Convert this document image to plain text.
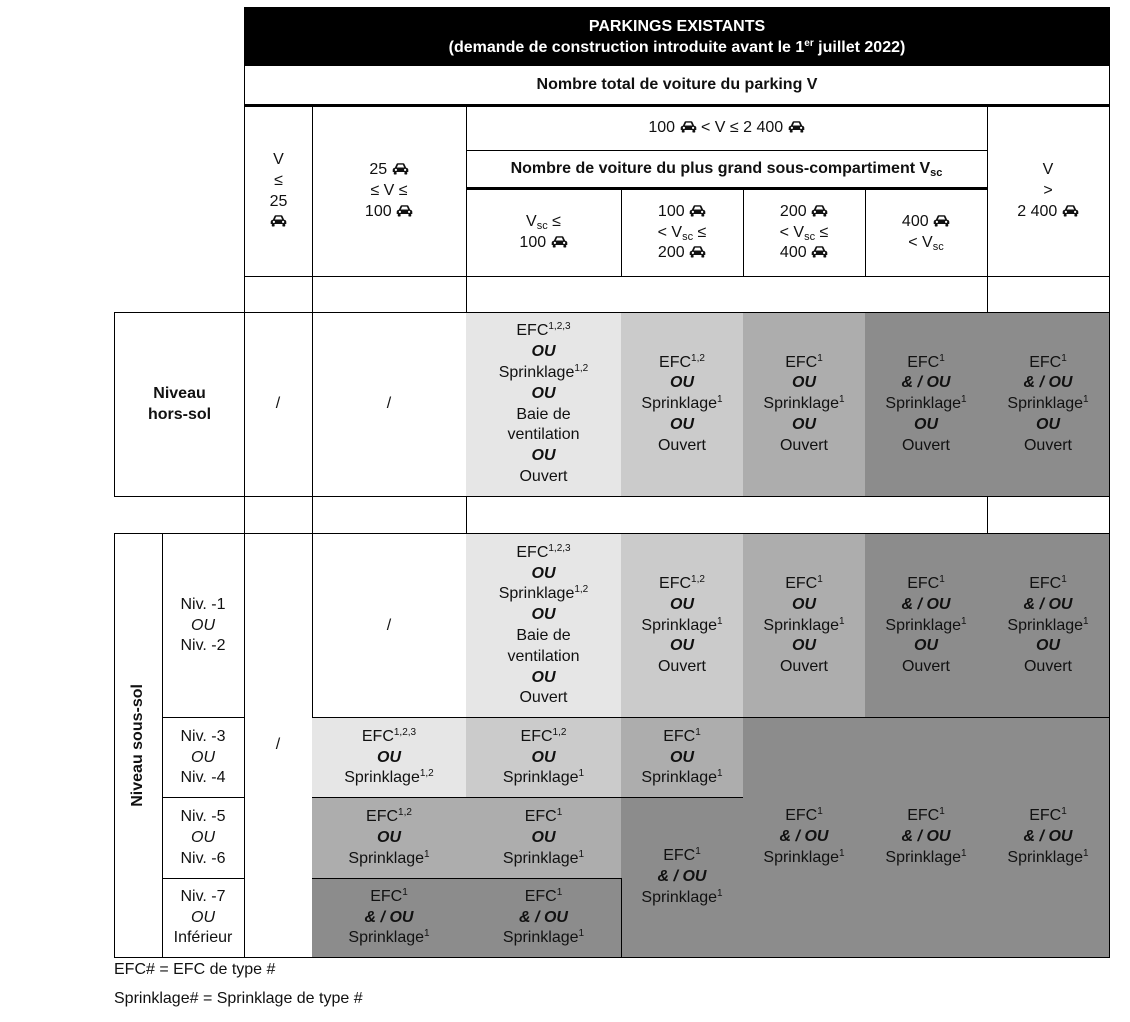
PARKINGS EXISTANTS
(demande de construction introduite avant le 1er juillet 2022)
Nombre total de voiture du parking V
V
≤
25
25
≤ V ≤
100
100 < V ≤ 2 400
Nombre de voiture du plus grand sous-compartiment $V_{sc}$
$V_{sc}$ ≤
100
100
< $V_{sc}$ ≤
200
200
< $V_{sc}$ ≤
400
400
< $V_{sc}$
V
>
2 400
Niveau
hors-sol
/	/
EFC$^{1,2,3}$
OU
Sprinklage$^{1,2}$
OU
Baie de
ventilation
OU
Ouvert
EFC$^{1,2}$
OU
Sprinklage$^1$
OU
Ouvert
EFC$^1$
OU
Sprinklage$^1$
OU
Ouvert
EFC$^1$
& / OU
Sprinklage$^1$
OU
Ouvert
EFC$^1$
& / OU
Sprinklage$^1$
OU
Ouvert
Niveau sous-sol
Niv. -1
OU
Niv. -2
Niv. -3
OU
Niv. -4
Niv. -5
OU
Niv. -6
Niv. -7
OU
Inférieur
/
/
EFC$^{1,2,3}$
OU
Sprinklage$^{1,2}$
OU
Baie de
ventilation
OU
Ouvert
EFC$^{1,2}$
OU
Sprinklage$^1$
OU
Ouvert
EFC$^1$
OU
Sprinklage$^1$
OU
Ouvert
EFC$^1$
& / OU
Sprinklage$^1$
OU
Ouvert
EFC$^1$
& / OU
Sprinklage$^1$
OU
Ouvert
EFC$^{1,2,3}$
OU
Sprinklage$^{1,2}$
EFC$^{1,2}$
OU
Sprinklage$^1$
EFC$^1$
OU
Sprinklage$^1$
EFC$^{1,2}$
OU
Sprinklage$^1$
EFC$^1$
OU
Sprinklage$^1$	EFC$^1$
& / OU
Sprinklage$^1$
EFC$^1$
& / OU
Sprinklage$^1$
EFC$^1$
& / OU
Sprinklage$^1$
EFC$^1$
& / OU
Sprinklage$^1$
EFC$^1$
& / OU
Sprinklage$^1$
EFC$^1$
& / OU
Sprinklage$^1$
EFC# = EFC de type #
Sprinklage# = Sprinklage de type #
